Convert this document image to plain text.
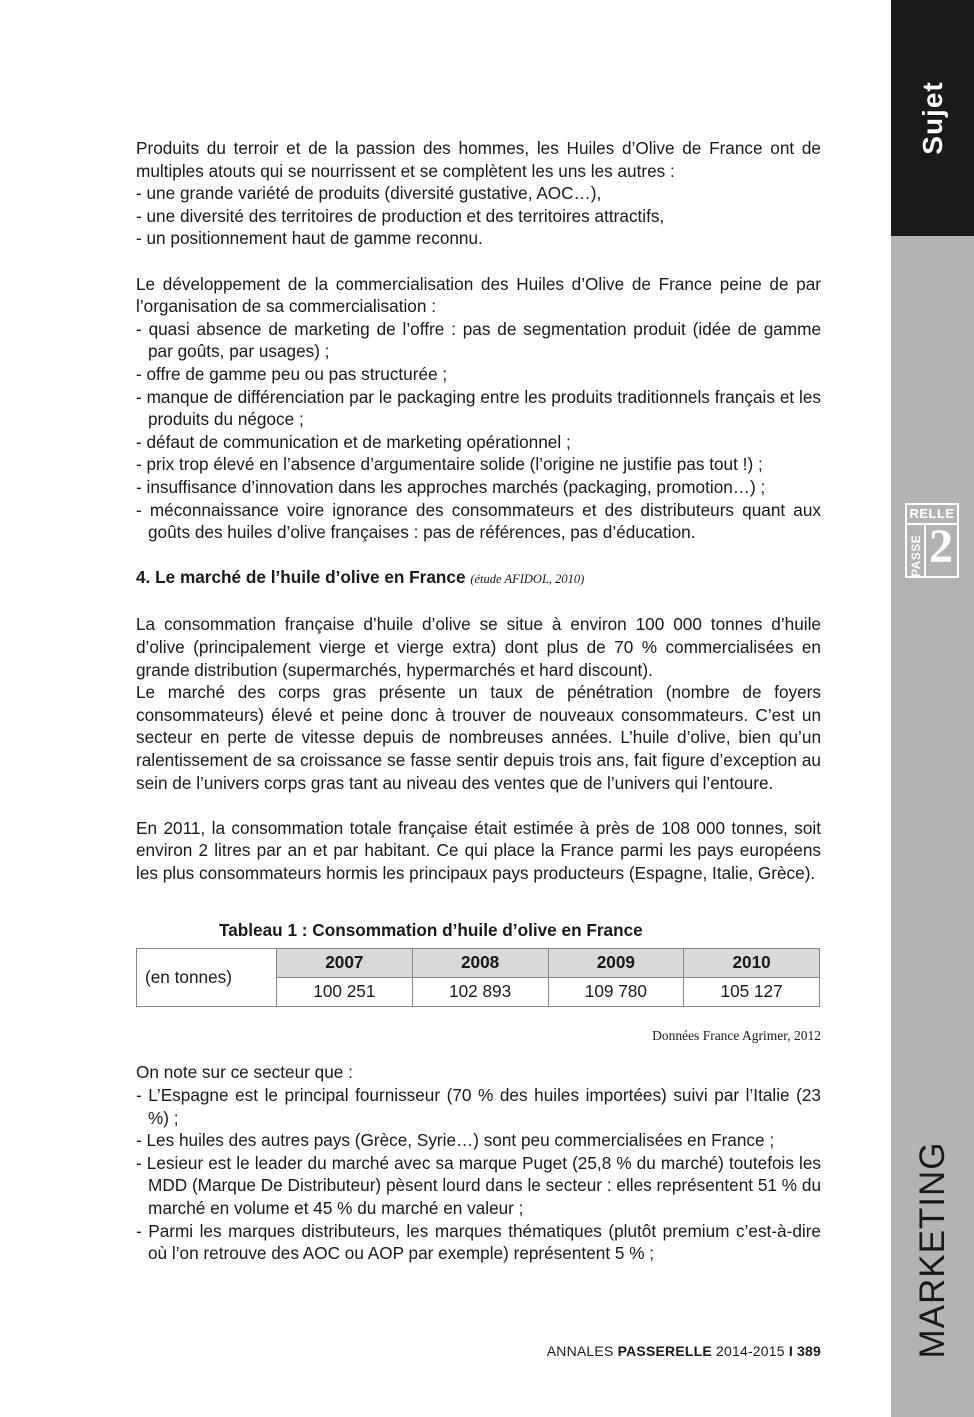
Sujet
RELLE
PASSE 2
MARKETING

Produits du terroir et de la passion des hommes, les Huiles d’Olive de France ont de multiples atouts qui se nourrissent et se complètent les uns les autres :

- une grande variété de produits (diversité gustative, AOC…),
- une diversité des territoires de production et des territoires attractifs,
- un positionnement haut de gamme reconnu.

Le développement de la commercialisation des Huiles d’Olive de France peine de par l’organisation de sa commercialisation :

- quasi absence de marketing de l’offre : pas de segmentation produit (idée de gamme par goûts, par usages) ;
- offre de gamme peu ou pas structurée ;
- manque de différenciation par le packaging entre les produits traditionnels français et les produits du négoce ;
- défaut de communication et de marketing opérationnel ;
- prix trop élevé en l’absence d’argumentaire solide (l’origine ne justifie pas tout !) ;
- insuffisance d’innovation dans les approches marchés (packaging, promotion…) ;
- méconnaissance voire ignorance des consommateurs et des distributeurs quant aux goûts des huiles d’olive françaises : pas de références, pas d’éducation.

4. Le marché de l’huile d’olive en France (étude AFIDOL, 2010)

La consommation française d’huile d’olive se situe à environ 100 000 tonnes d’huile d’olive (principalement vierge et vierge extra) dont plus de 70 % commercialisées en grande distribution (supermarchés, hypermarchés et hard discount).

Le marché des corps gras présente un taux de pénétration (nombre de foyers consommateurs) élevé et peine donc à trouver de nouveaux consommateurs. C’est un secteur en perte de vitesse depuis de nombreuses années. L’huile d’olive, bien qu’un ralentissement de sa croissance se fasse sentir depuis trois ans, fait figure d’exception au sein de l’univers corps gras tant au niveau des ventes que de l’univers qui l’entoure.

En 2011, la consommation totale française était estimée à près de 108 000 tonnes, soit environ 2 litres par an et par habitant. Ce qui place la France parmi les pays européens les plus consommateurs hormis les principaux pays producteurs (Espagne, Italie, Grèce).

Tableau 1 : Consommation d’huile d’olive en France

(en tonnes)	2007	2008	2009	2010
	100 251	102 893	109 780	105 127
Données France Agrimer, 2012

On note sur ce secteur que :

- L’Espagne est le principal fournisseur (70 % des huiles importées) suivi par l’Italie (23 %) ;
- Les huiles des autres pays (Grèce, Syrie…) sont peu commercialisées en France ;
- Lesieur est le leader du marché avec sa marque Puget (25,8 % du marché) toutefois les MDD (Marque De Distributeur) pèsent lourd dans le secteur : elles représentent 51 % du marché en volume et 45 % du marché en valeur ;
- Parmi les marques distributeurs, les marques thématiques (plutôt premium c’est-à-dire où l’on retrouve des AOC ou AOP par exemple) représentent 5 % ;
ANNALES PASSERELLE 2014-2015 I 389
